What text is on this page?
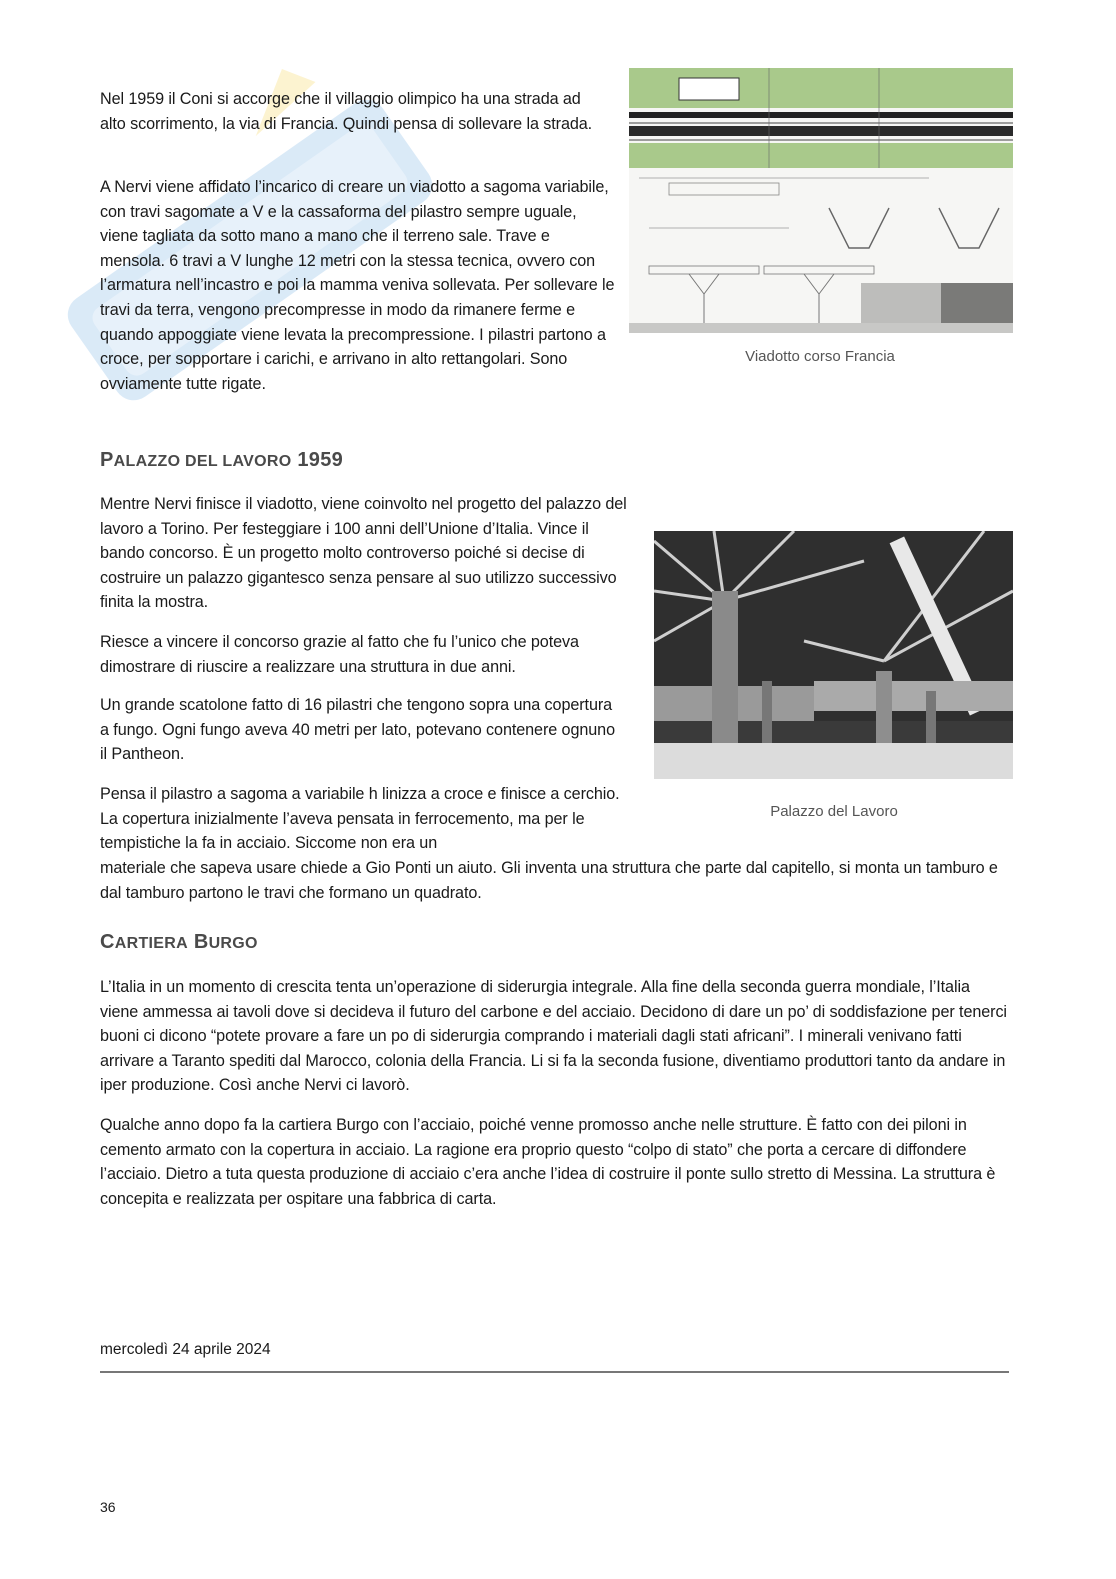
Nel 1959 il Coni si accorge che il villaggio olimpico ha una strada ad alto scorrimento, la via di Francia. Quindi pensa di sollevare la strada.

A Nervi viene affidato l’incarico di creare un viadotto a sagoma variabile, con travi sagomate a V e la cassaforma del pilastro sempre uguale, viene tagliata da sotto mano a mano che il terreno sale. Trave e mensola. 6 travi a V lunghe 12 metri con la stessa tecnica, ovvero con l’armatura nell’incastro e poi la mamma veniva sollevata. Per sollevare le travi da terra, vengono precompresse in modo da rimanere ferme e quando appoggiate viene levata la precompressione. I pilastri partono a croce, per sopportare i carichi, e arrivano in alto rettangolari. Sono ovviamente tutte rigate.

Viadotto corso Francia
PALAZZO DEL LAVORO 1959

Mentre Nervi finisce il viadotto, viene coinvolto nel progetto del palazzo del lavoro a Torino. Per festeggiare i 100 anni dell’Unione d’Italia. Vince il bando concorso. È un progetto molto controverso poiché si decise di costruire un palazzo gigantesco senza pensare al suo utilizzo successivo finita la mostra.

Riesce a vincere il concorso grazie al fatto che fu l’unico che poteva dimostrare di riuscire a realizzare una struttura in due anni.

Un grande scatolone fatto di 16 pilastri che tengono sopra una copertura a fungo. Ogni fungo aveva 40 metri per lato, potevano contenere ognuno il Pantheon.

Pensa il pilastro a sagoma a variabile h linizza a croce e finisce a cerchio. La copertura inizialmente l’aveva pensata in ferrocemento, ma per le tempistiche la fa in acciaio. Siccome non era un

Palazzo del Lavoro

materiale che sapeva usare chiede a Gio Ponti un aiuto. Gli inventa una struttura che parte dal capitello, si monta un tamburo e dal tamburo partono le travi che formano un quadrato.

CARTIERA BURGO

L’Italia in un momento di crescita tenta un’operazione di siderurgia integrale. Alla fine della seconda guerra mondiale, l’Italia viene ammessa ai tavoli dove si decideva il futuro del carbone e del acciaio. Decidono di dare un po’ di soddisfazione per tenerci buoni ci dicono “potete provare a fare un po di siderurgia comprando i materiali dagli stati africani”. I minerali venivano fatti arrivare a Taranto spediti dal Marocco, colonia della Francia. Li si fa la seconda fusione, diventiamo produttori tanto da andare in iper produzione. Così anche Nervi ci lavorò.

Qualche anno dopo fa la cartiera Burgo con l’acciaio, poiché venne promosso anche nelle strutture. È fatto con dei piloni in cemento armato con la copertura in acciaio. La ragione era proprio questo “colpo di stato” che porta a cercare di diffondere l’acciaio. Dietro a tuta questa produzione di acciaio c’era anche l’idea di costruire il ponte sullo stretto di Messina. La struttura è concepita e realizzata per ospitare una fabbrica di carta.

mercoledì 24 aprile 2024
36
